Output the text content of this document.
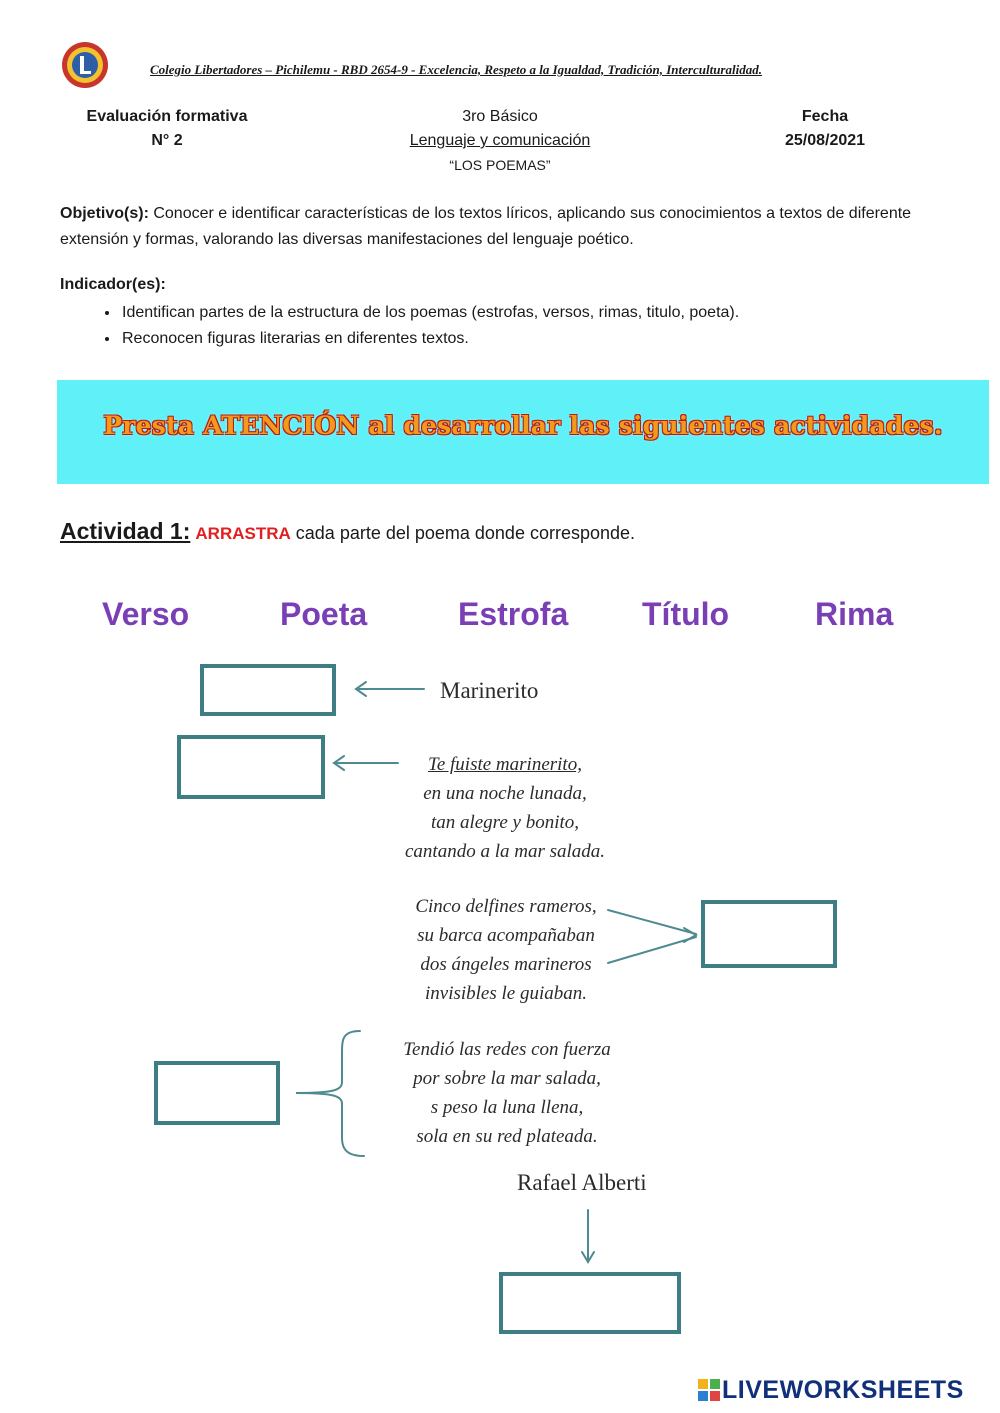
Colegio Libertadores – Pichilemu - RBD 2654-9 - Excelencia, Respeto a la Igualdad, Tradición, Interculturalidad.
Evaluación formativa
N° 2
3ro Básico
Lenguaje y comunicación
“LOS POEMAS”
Fecha
25/08/2021
Objetivo(s): Conocer e identificar características de los textos líricos, aplicando sus conocimientos a textos de diferente extensión y formas, valorando las diversas manifestaciones del lenguaje poético.
Indicador(es):
• Identifican partes de la estructura de los poemas (estrofas, versos, rimas, titulo, poeta).
• Reconocen figuras literarias en diferentes textos.
Presta ATENCIÓN al desarrollar las siguientes actividades.
Actividad 1: ARRASTRA cada parte del poema donde corresponde.
Verso	Poeta	Estrofa Título	Rima
Marinerito
Te fuiste marinerito,
en una noche lunada,
tan alegre y bonito,
cantando a la mar salada.
Cinco delfines rameros,
su barca acompañaban
dos ángeles marineros
invisibles le guiaban.
Tendió las redes con fuerza
por sobre la mar salada,
s peso la luna llena,
sola en su red plateada.
Rafael Alberti
LIVEWORKSHEETS
